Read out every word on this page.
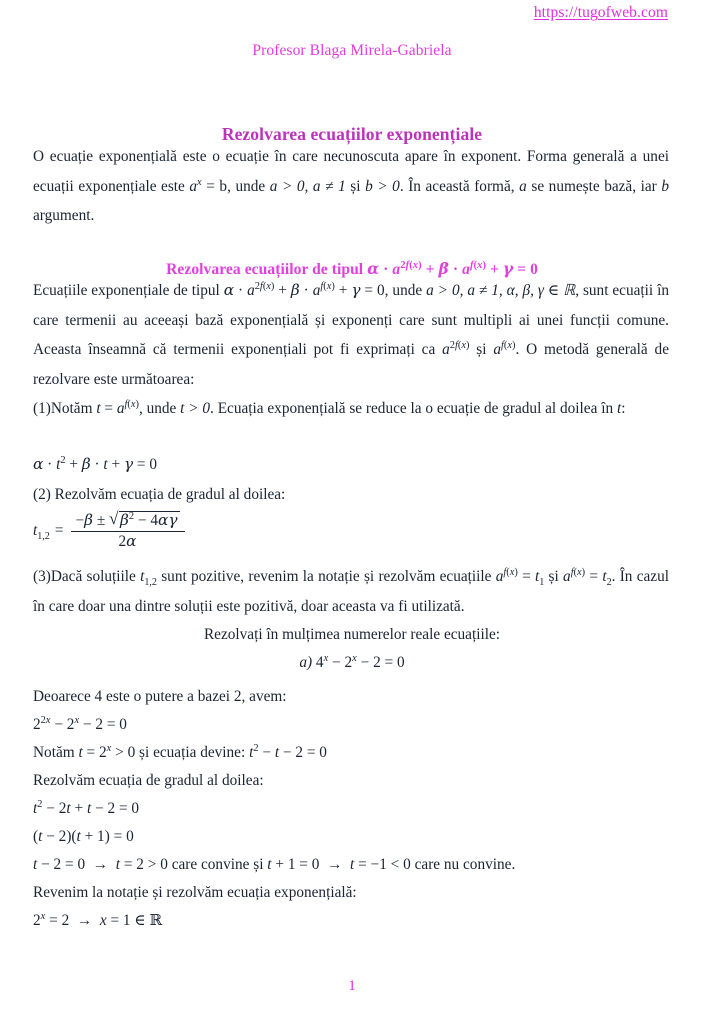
https://tugofweb.com
Profesor Blaga Mirela-Gabriela
Rezolvarea ecuațiilor exponențiale
O ecuație exponențială este o ecuație în care necunoscuta apare în exponent. Forma generală a unei ecuații exponențiale este $a^x = b$, unde a > 0, a ≠ 1 și b > 0. În această formă, a se numește bază, iar b argument.
Rezolvarea ecuațiilor de tipul $\alpha \cdot a^{2f(x)} + \beta \cdot a^{f(x)} + \gamma = 0$
Ecuațiile exponențiale de tipul $\alpha \cdot a^{2f(x)} + \beta \cdot a^{f(x)} + \gamma = 0$, unde a > 0, a ≠ 1, α, β, γ ∈ ℝ, sunt ecuații în care termenii au aceeași bază exponențială și exponenți care sunt multipli ai unei funcții comune. Aceasta înseamnă că termenii exponențiali pot fi exprimați ca $a^{2f(x)}$ și $a^{f(x)}$. O metodă generală de rezolvare este următoarea:
(1)Notăm $t = a^{f(x)}$, unde t > 0. Ecuația exponențială se reduce la o ecuație de gradul al doilea în t:
$\alpha \cdot t^2 + \beta \cdot t + \gamma = 0$
(2) Rezolvăm ecuația de gradul al doilea:
$t_{1,2} = \frac{-\beta \pm √ \beta^2 - 4\alpha\gamma}{2\alpha}$
(3)Dacă soluțiile $t_{1,2}$ sunt pozitive, revenim la notație și rezolvăm ecuațiile $a^{f(x)} = t_1$ și $a^{f(x)} = t_2$. În cazul în care doar una dintre soluții este pozitivă, doar aceasta va fi utilizată.
Rezolvați în mulțimea numerelor reale ecuațiile:
a) $4^x - 2^x - 2 = 0$
Deoarece 4 este o putere a bazei 2, avem:
$2^{2x} - 2^x - 2 = 0$
Notăm $t = 2^x > 0$ și ecuația devine: $t^2 - t - 2 = 0$
Rezolvăm ecuația de gradul al doilea:
$t^2 - 2t + t - 2 = 0$
(t − 2)(t + 1) = 0
t − 2 = 0 → t = 2 > 0 care convine și t + 1 = 0 → t = −1 < 0 care nu convine.
Revenim la notație și rezolvăm ecuația exponențială:
$2^x = 2 \to x = 1$ ∈ ℝ
1
